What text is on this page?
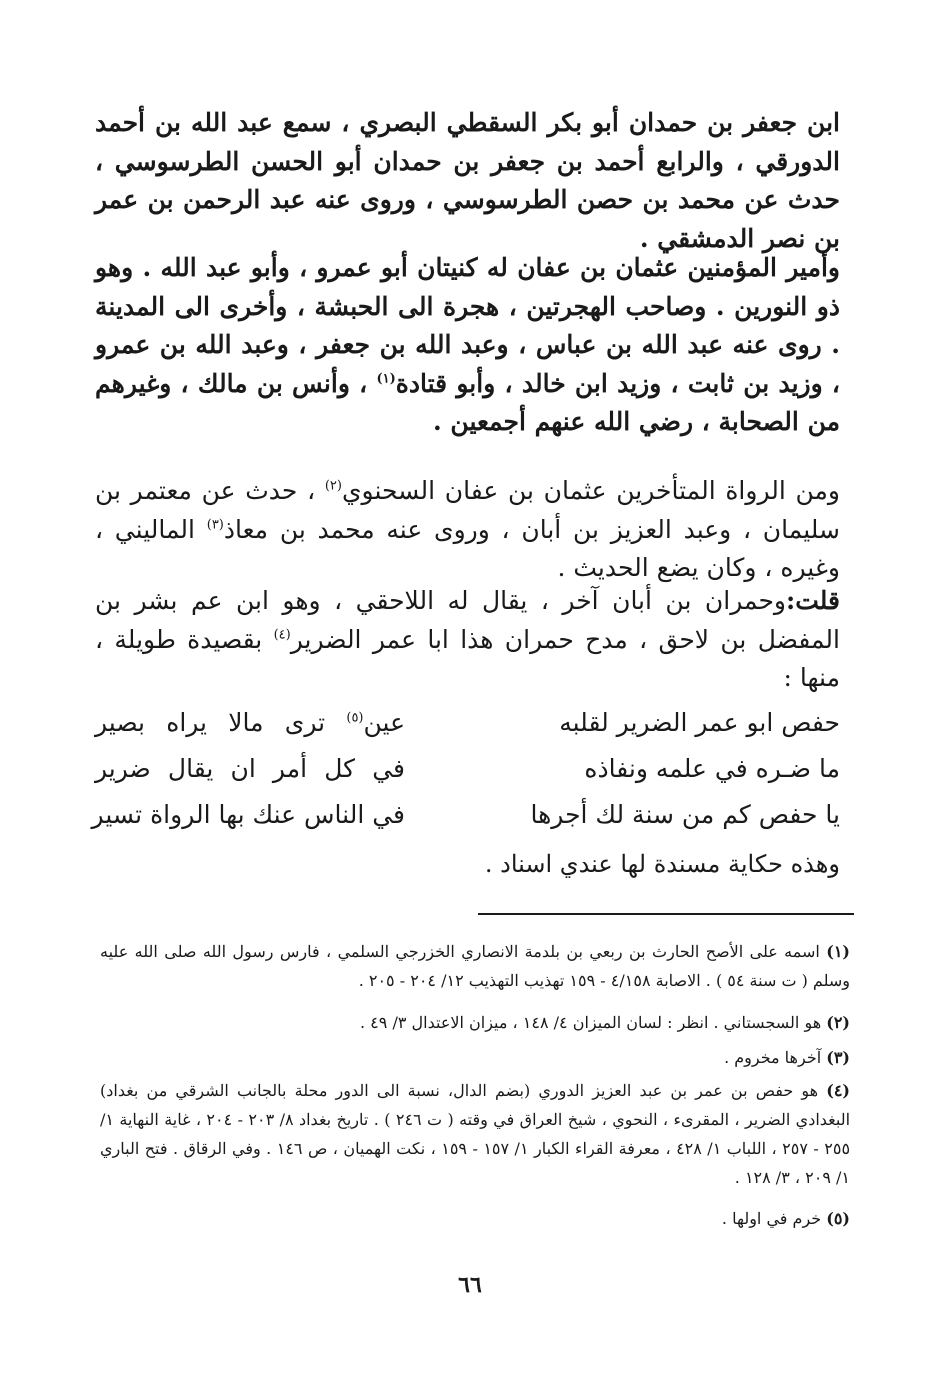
ابن جعفر بن حمدان أبو بكر السقطي البصري ، سمع عبد الله بن أحمد الدورقي ، والرابع أحمد بن جعفر بن حمدان أبو الحسن الطرسوسي ، حدث عن محمد بن حصن الطرسوسي ، وروى عنه عبد الرحمن بن عمر بن نصر الدمشقي .
وأمير المؤمنين عثمان بن عفان له كنيتان أبو عمرو ، وأبو عبد الله . وهو ذو النورين . وصاحب الهجرتين ، هجرة الى الحبشة ، وأخرى الى المدينة . روى عنه عبد الله بن عباس ، وعبد الله بن جعفر ، وعبد الله بن عمرو ، وزيد بن ثابت ، وزيد ابن خالد ، وأبو قتادة$^{(١)}$ ، وأنس بن مالك ، وغيرهم من الصحابة ، رضي الله عنهم أجمعين .
ومن الرواة المتأخرين عثمان بن عفان السحنوي$^{(٢)}$ ، حدث عن معتمر بن سليمان ، وعبد العزيز بن أبان ، وروى عنه محمد بن معاذ$^{(٣)}$ الماليني ، وغيره ، وكان يضع الحديث .
قلت:وحمران بن أبان آخر ، يقال له اللاحقي ، وهو ابن عم بشر بن المفضل بن لاحق ، مدح حمران هذا ابا عمر الضرير$^{(٤)}$ بقصيدة طويلة ، منها :
حفص ابو عمر الضرير لقلبه
ما ضـره في علمه ونفاذه
يا حفص كم من سنة لك أجرها
عين$^{(٥)}$ ترى مالا يراه بصير
في كل أمر ان يقال ضرير
في الناس عنك بها الرواة تسير
وهذه حكاية مسندة لها عندي اسناد .
(١) اسمه على الأصح الحارث بن ربعي بن بلدمة الانصاري الخزرجي السلمي ، فارس رسول الله صلى الله عليه وسلم ( ت سنة ٥٤ ) . الاصابة ٤/١٥٨ - ١٥٩ تهذيب التهذيب ١٢/ ٢٠٤ - ٢٠٥ .
(٢) هو السجستاني . انظر : لسان الميزان ٤/ ١٤٨ ، ميزان الاعتدال ٣/ ٤٩ .
(٣) آخرها مخروم .
(٤) هو حفص بن عمر بن عبد العزيز الدوري (بضم الدال، نسبة الى الدور محلة بالجانب الشرقي من بغداد) البغدادي الضرير ، المقرىء ، النحوي ، شيخ العراق في وقته ( ت ٢٤٦ ) . تاريخ بغداد ٨/ ٢٠٣ - ٢٠٤ ، غاية النهاية ١/ ٢٥٥ - ٢٥٧ ، اللباب ١/ ٤٢٨ ، معرفة القراء الكبار ١/ ١٥٧ - ١٥٩ ، نكت الهميان ، ص ١٤٦ . وفي الرقاق . فتح الباري ١/ ٢٠٩ ، ٣/ ١٢٨ .
(٥) خرم في اولها .
٦٦
